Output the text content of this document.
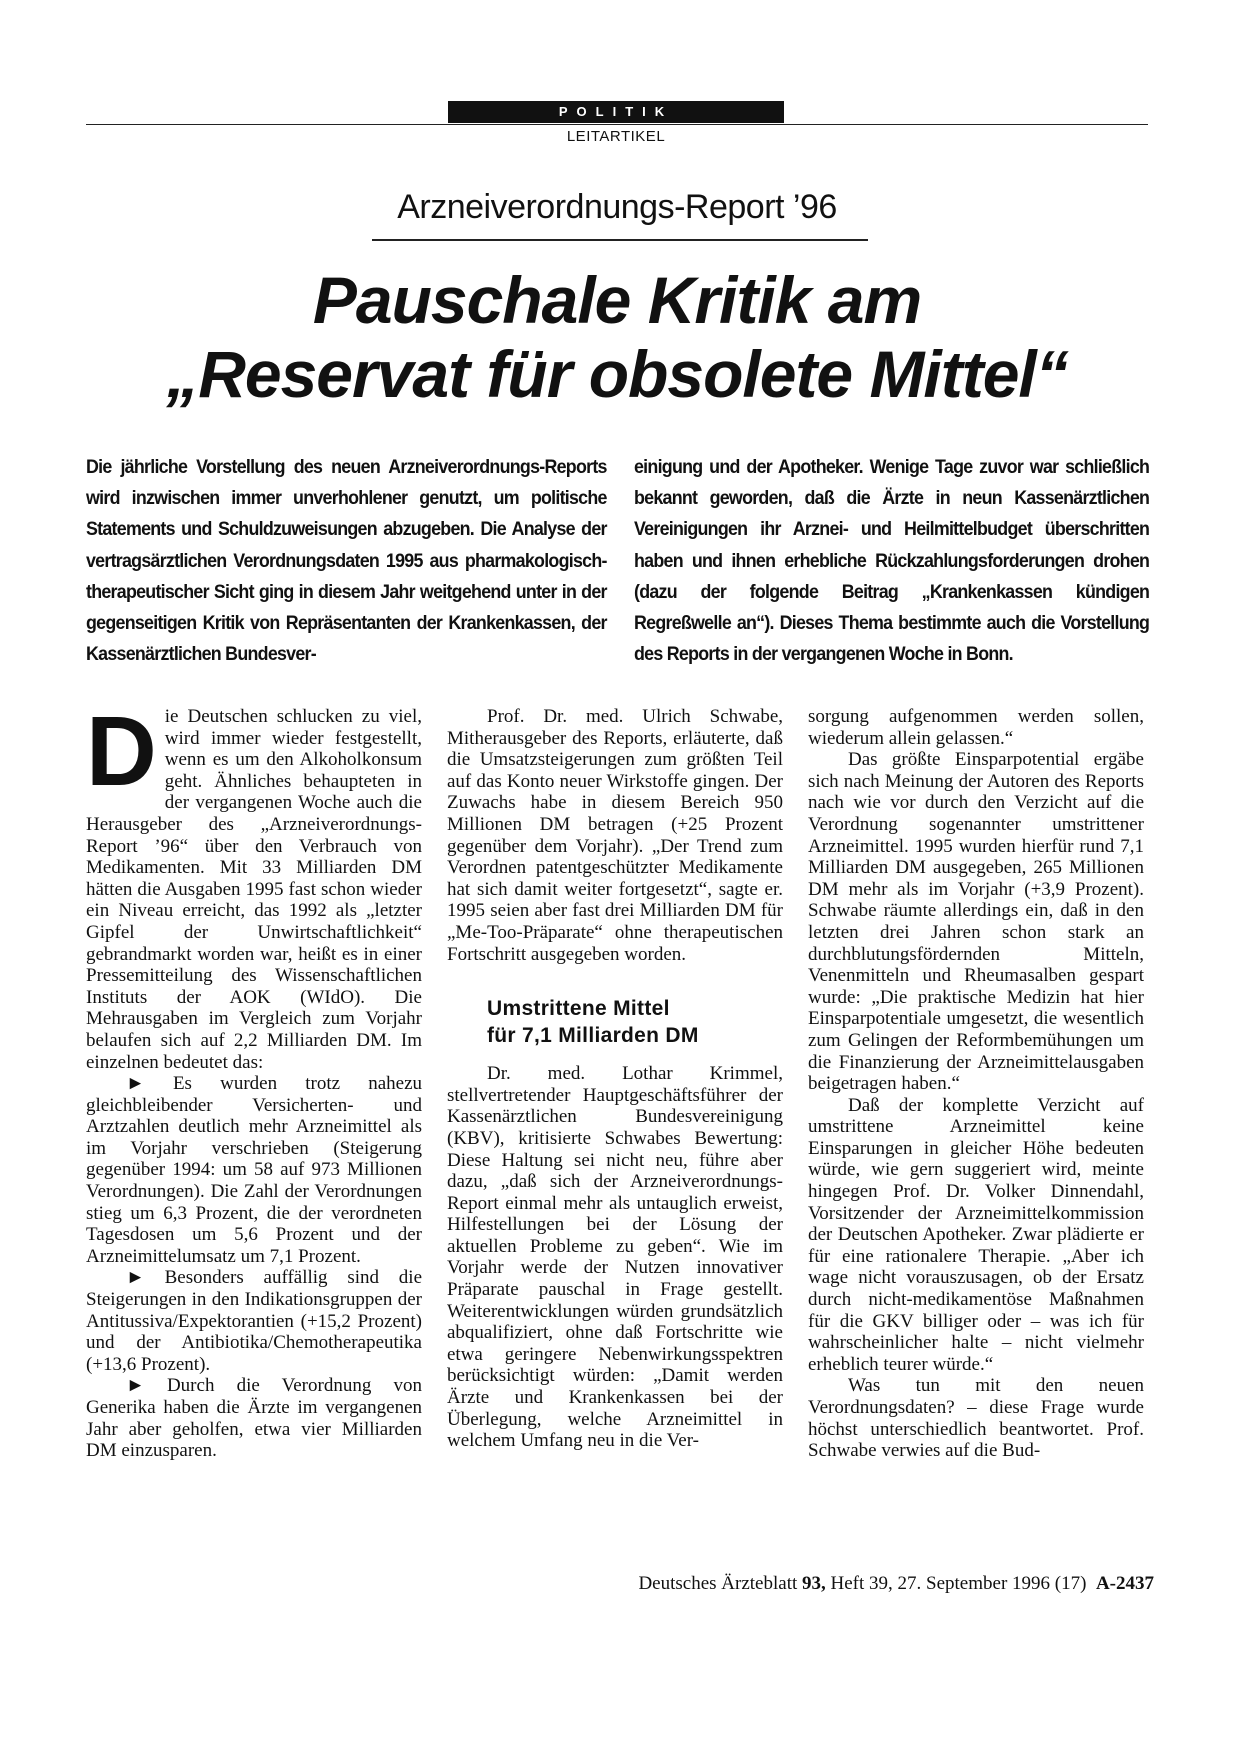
POLITIK
LEITARTIKEL
Arzneiverordnungs-Report ’96
Pauschale Kritik am
„Reservat für obsolete Mittel“
Die jährliche Vorstellung des neuen Arzneiverordnungs-Reports wird inzwischen immer unverhohlener genutzt, um politische Statements und Schuldzuweisungen abzugeben. Die Analyse der vertragsärztlichen Verordnungsdaten 1995 aus pharmakologisch-therapeutischer Sicht ging in diesem Jahr weitgehend unter in der gegenseitigen Kritik von Repräsentanten der Krankenkassen, der Kassenärztlichen Bundesver-
einigung und der Apotheker. Wenige Tage zuvor war schließlich bekannt geworden, daß die Ärzte in neun Kassenärztlichen Vereinigungen ihr Arznei- und Heilmittelbudget überschritten haben und ihnen erhebliche Rückzahlungsforderungen drohen (dazu der folgende Beitrag „Krankenkassen kündigen Regreßwelle an“). Dieses Thema bestimmte auch die Vorstellung des Reports in der vergangenen Woche in Bonn.
D ie Deutschen schlucken zu viel, wird immer wieder festgestellt, wenn es um den Alkoholkonsum geht. Ähnliches behaupteten in der vergangenen Woche auch die Herausgeber des „Arzneiverordnungs-Report ’96“ über den Verbrauch von Medikamenten. Mit 33 Milliarden DM hätten die Ausgaben 1995 fast schon wieder ein Niveau erreicht, das 1992 als „letzter Gipfel der Unwirtschaftlichkeit“ gebrandmarkt worden war, heißt es in einer Pressemitteilung des Wissenschaftlichen Instituts der AOK (WIdO). Die Mehrausgaben im Vergleich zum Vorjahr belaufen sich auf 2,2 Milliarden DM. Im einzelnen bedeutet das:

► Es wurden trotz nahezu gleichbleibender Versicherten- und Arztzahlen deutlich mehr Arzneimittel als im Vorjahr verschrieben (Steigerung gegenüber 1994: um 58 auf 973 Millionen Verordnungen). Die Zahl der Verordnungen stieg um 6,3 Prozent, die der verordneten Tagesdosen um 5,6 Prozent und der Arzneimittelumsatz um 7,1 Prozent.

► Besonders auffällig sind die Steigerungen in den Indikationsgruppen der Antitussiva/Expektorantien (+15,2 Prozent) und der Antibiotika/Chemotherapeutika (+13,6 Prozent).

► Durch die Verordnung von Generika haben die Ärzte im vergangenen Jahr aber geholfen, etwa vier Milliarden DM einzusparen.

Prof. Dr. med. Ulrich Schwabe, Mitherausgeber des Reports, erläuterte, daß die Umsatzsteigerungen zum größten Teil auf das Konto neuer Wirkstoffe gingen. Der Zuwachs habe in diesem Bereich 950 Millionen DM betragen (+25 Prozent gegenüber dem Vorjahr). „Der Trend zum Verordnen patentgeschützter Medikamente hat sich damit weiter fortgesetzt“, sagte er. 1995 seien aber fast drei Milliarden DM für „Me-Too-Präparate“ ohne therapeutischen Fortschritt ausgegeben worden.

Umstrittene Mittel

für 7,1 Milliarden DM

Dr. med. Lothar Krimmel, stellvertretender Hauptgeschäftsführer der Kassenärztlichen Bundesvereinigung (KBV), kritisierte Schwabes Bewertung: Diese Haltung sei nicht neu, führe aber dazu, „daß sich der Arzneiverordnungs-Report einmal mehr als untauglich erweist, Hilfestellungen bei der Lösung der aktuellen Probleme zu geben“. Wie im Vorjahr werde der Nutzen innovativer Präparate pauschal in Frage gestellt. Weiterentwicklungen würden grundsätzlich abqualifiziert, ohne daß Fortschritte wie etwa geringere Nebenwirkungsspektren berücksichtigt würden: „Damit werden Ärzte und Krankenkassen bei der Überlegung, welche Arzneimittel in welchem Umfang neu in die Ver-

sorgung aufgenommen werden sollen, wiederum allein gelassen.“

Das größte Einsparpotential ergäbe sich nach Meinung der Autoren des Reports nach wie vor durch den Verzicht auf die Verordnung sogenannter umstrittener Arzneimittel. 1995 wurden hierfür rund 7,1 Milliarden DM ausgegeben, 265 Millionen DM mehr als im Vorjahr (+3,9 Prozent). Schwabe räumte allerdings ein, daß in den letzten drei Jahren schon stark an durchblutungsfördernden Mitteln, Venenmitteln und Rheumasalben gespart wurde: „Die praktische Medizin hat hier Einsparpotentiale umgesetzt, die wesentlich zum Gelingen der Reformbemühungen um die Finanzierung der Arzneimittelausgaben beigetragen haben.“

Daß der komplette Verzicht auf umstrittene Arzneimittel keine Einsparungen in gleicher Höhe bedeuten würde, wie gern suggeriert wird, meinte hingegen Prof. Dr. Volker Dinnendahl, Vorsitzender der Arzneimittelkommission der Deutschen Apotheker. Zwar plädierte er für eine rationalere Therapie. „Aber ich wage nicht vorauszusagen, ob der Ersatz durch nicht-medikamentöse Maßnahmen für die GKV billiger oder – was ich für wahrscheinlicher halte – nicht vielmehr erheblich teurer würde.“

Was tun mit den neuen Verordnungsdaten? – diese Frage wurde höchst unterschiedlich beantwortet. Prof. Schwabe verwies auf die Bud-

Deutsches Ärzteblatt 93, Heft 39, 27. September 1996 (17)  A-2437
